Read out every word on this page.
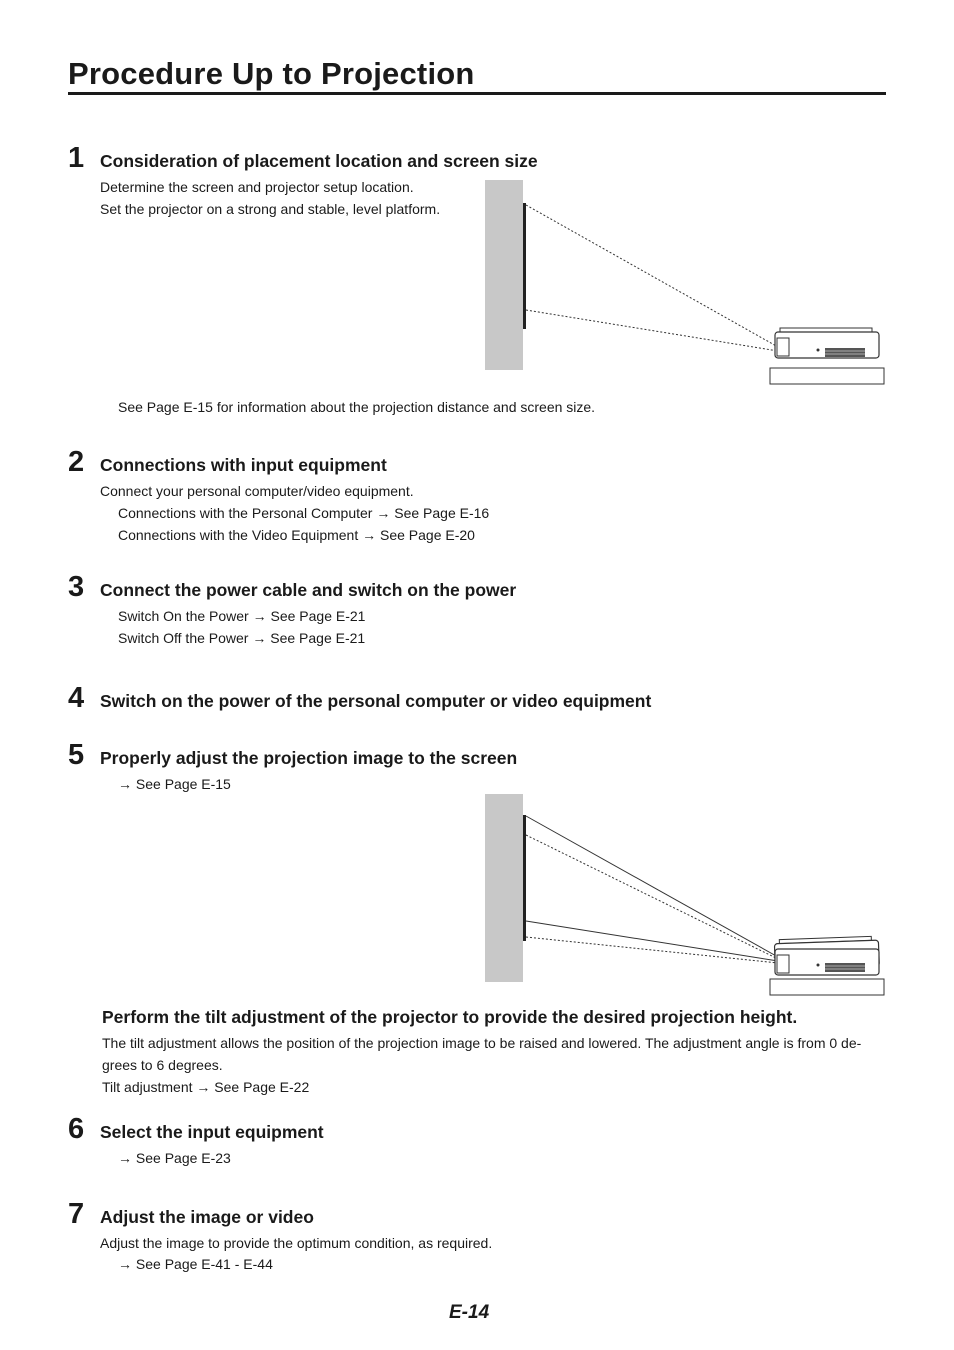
Procedure Up to Projection
1 Consideration of placement location and screen size
Determine the screen and projector setup location.
Set the projector on a strong and stable, level platform.
See Page E-15 for information about the projection distance and screen size.
2 Connections with input equipment
Connect your personal computer/video equipment.
Connections with the Personal Computer → See Page E-16
Connections with the Video Equipment → See Page E-20
3 Connect the power cable and switch on the power
Switch On the Power → See Page E-21
Switch Off the Power → See Page E-21
4 Switch on the power of the personal computer or video equipment
5 Properly adjust the projection image to the screen
→ See Page E-15
Perform the tilt adjustment of the projector to provide the desired projection height.
The tilt adjustment allows the position of the projection image to be raised and lowered. The adjustment angle is from 0 de-
grees to 6 degrees.
Tilt adjustment → See Page E-22
6 Select the input equipment
→ See Page E-23
7 Adjust the image or video
Adjust the image to provide the optimum condition, as required.
→ See Page E-41 - E-44
E-14
